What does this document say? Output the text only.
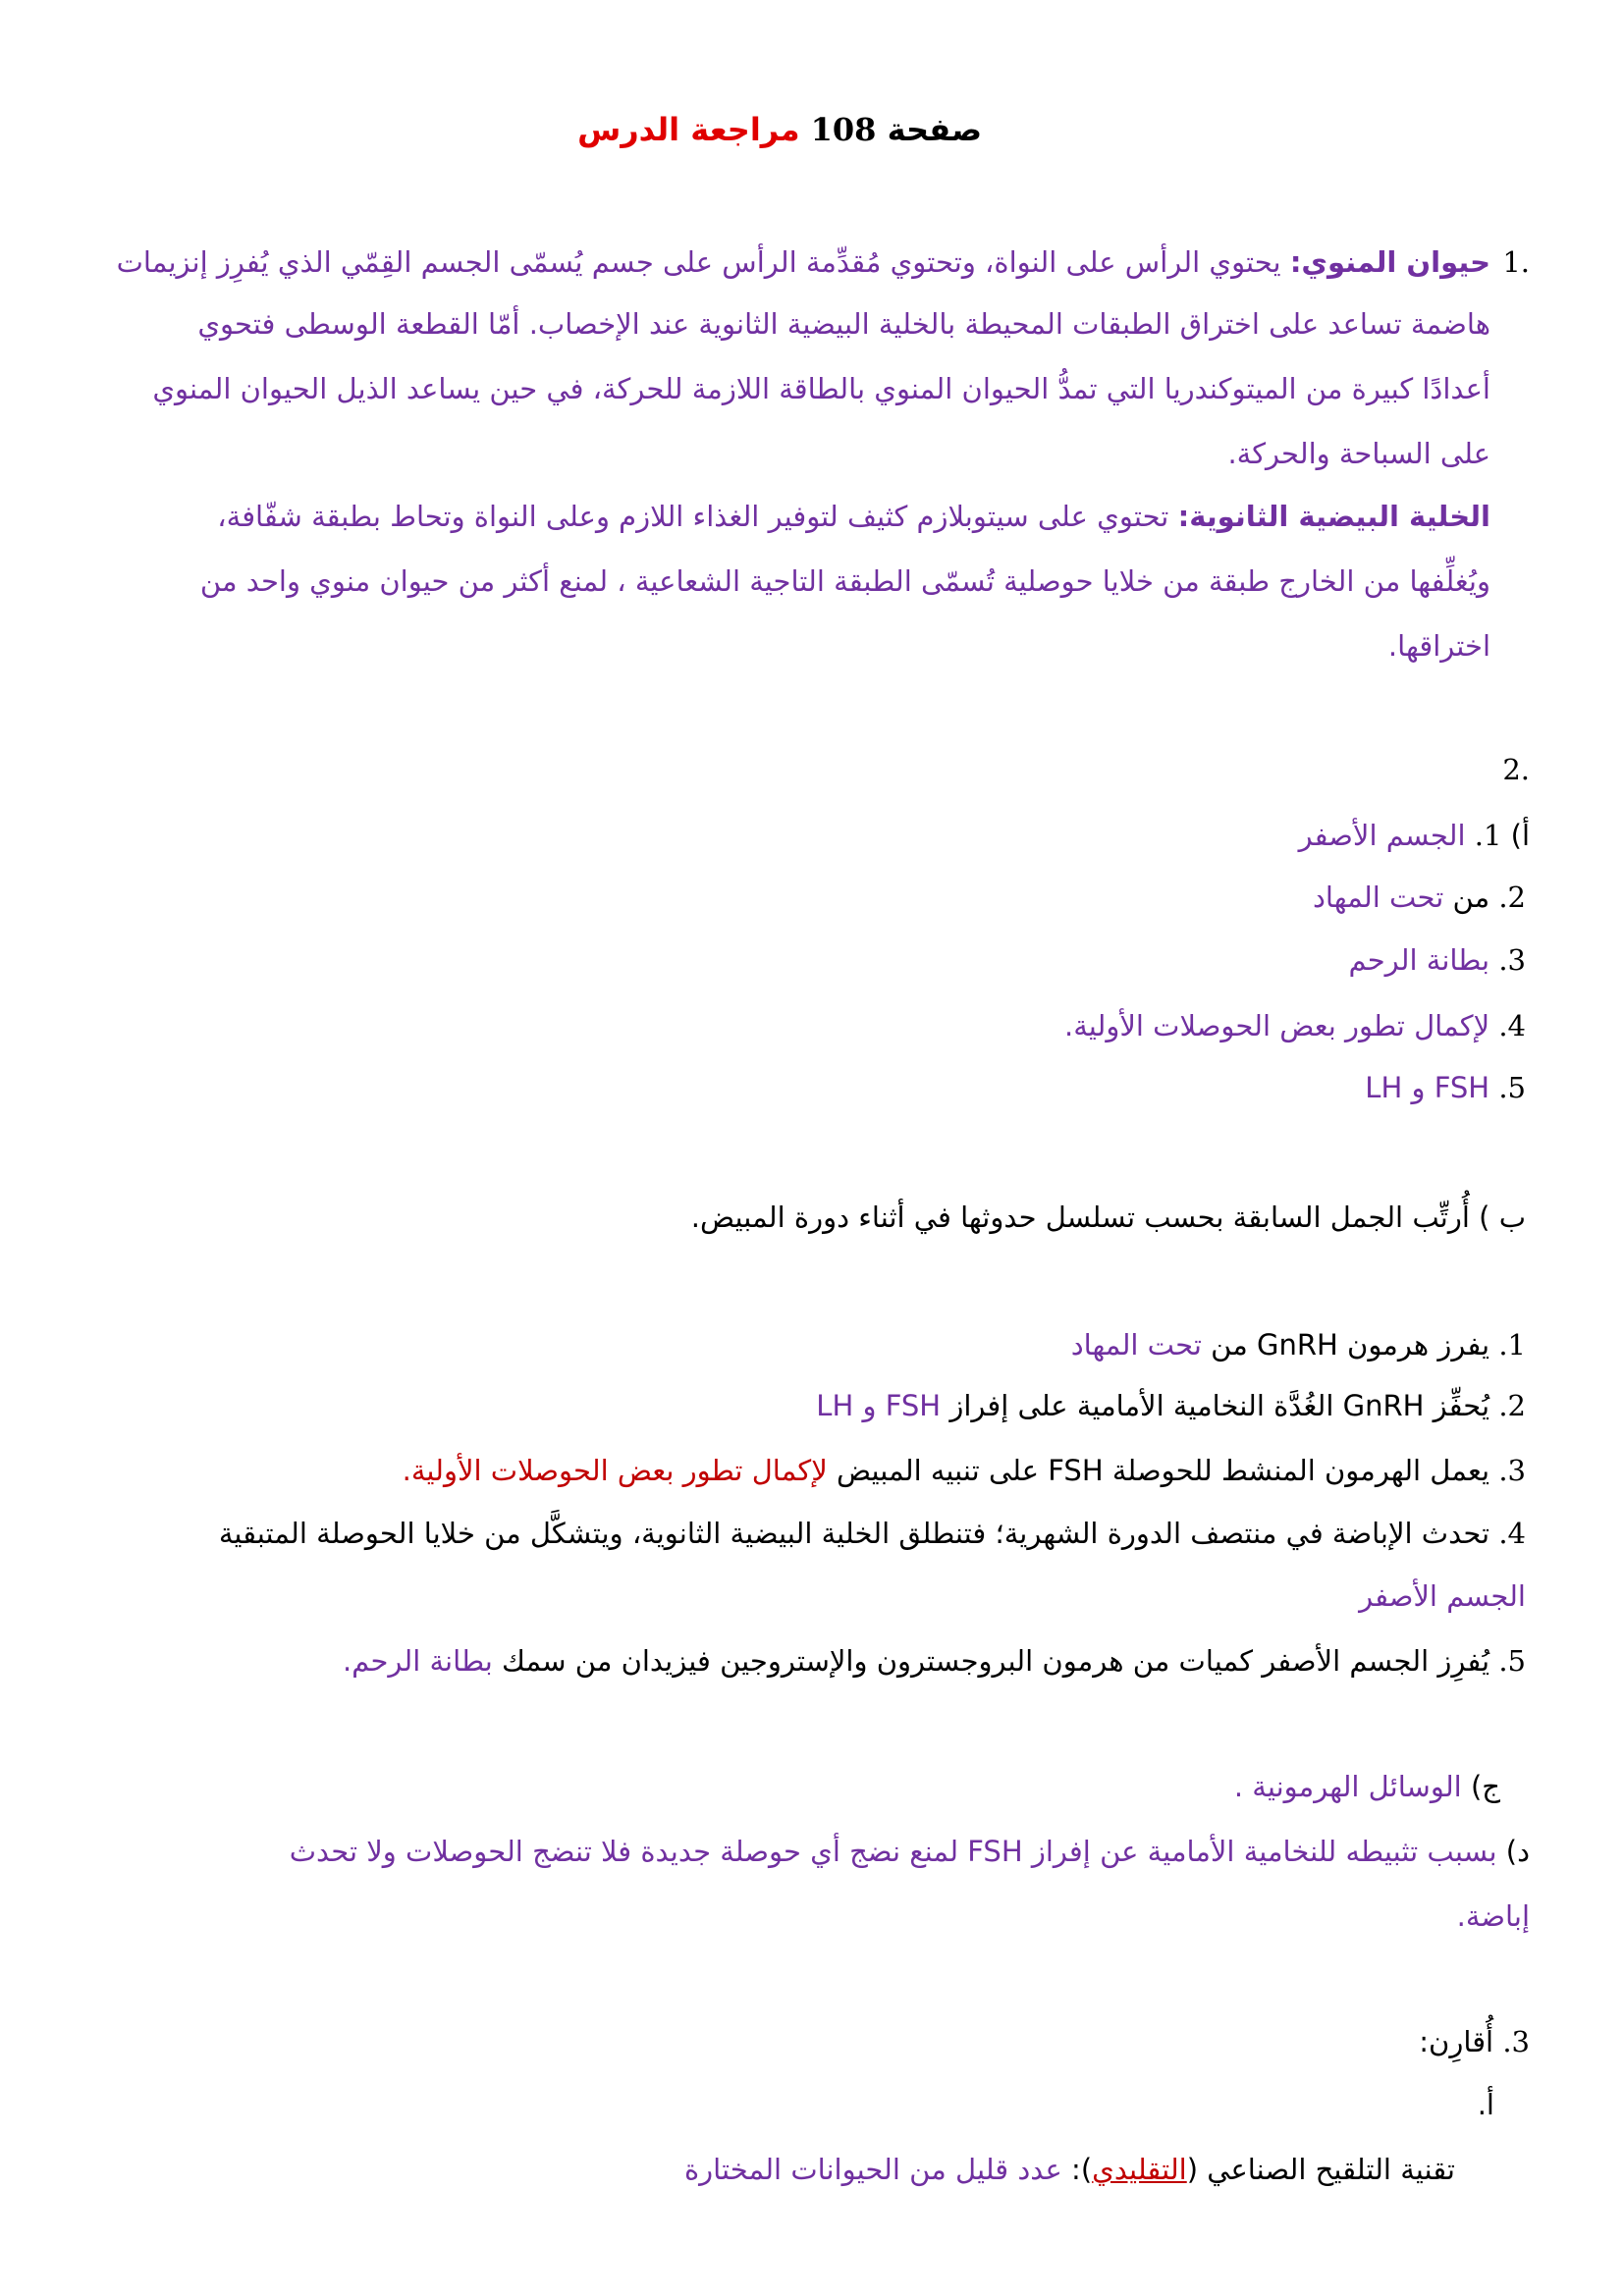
صفحة 108 مراجعة الدرس
1.
حيوان المنوي: يحتوي الرأس على النواة، وتحتوي مُقدِّمة الرأس على جسم يُسمّى الجسم القِمّي الذي يُفرِز إنزيمات
هاضمة تساعد على اختراق الطبقات المحيطة بالخلية البيضية الثانوية عند الإخصاب. أمّا القطعة الوسطى فتحوي
أعدادًا كبيرة من الميتوكندريا التي تمدُّ الحيوان المنوي بالطاقة اللازمة للحركة، في حين يساعد الذيل الحيوان المنوي
على السباحة والحركة.
الخلية البيضية الثانوية: تحتوي على سيتوبلازم كثيف لتوفير الغذاء اللازم وعلى النواة وتحاط بطبقة شفّافة،
ويُغلِّفها من الخارج طبقة من خلايا حوصلية تُسمّى الطبقة التاجية الشعاعية ، لمنع أكثر من حيوان منوي واحد من
اختراقها.
.2
أ) 1. الجسم الأصفر
2. من تحت المهاد
3. بطانة الرحم
4. لإكمال تطور بعض الحوصلات الأولية.
5. FSH و LH
ب ) أُرتِّب الجمل السابقة بحسب تسلسل حدوثها في أثناء دورة المبيض.
1. يفرز هرمون GnRH من تحت المهاد
2. يُحفِّز GnRH الغُدَّة النخامية الأمامية على إفراز FSH و LH
3. يعمل الهرمون المنشط للحوصلة FSH على تنبيه المبيض لإكمال تطور بعض الحوصلات الأولية.
4. تحدث الإباضة في منتصف الدورة الشهرية؛ فتنطلق الخلية البيضية الثانوية، ويتشكَّل من خلايا الحوصلة المتبقية
الجسم الأصفر
5. يُفرِز الجسم الأصفر كميات من هرمون البروجسترون والإستروجين فيزيدان من سمك بطانة الرحم.
ج) الوسائل الهرمونية .
د) بسبب تثبيطه للنخامية الأمامية عن إفراز FSH لمنع نضج أي حوصلة جديدة فلا تنضج الحوصلات ولا تحدث
إباضة.
3. أُقارِن:
أ.
تقنية التلقيح الصناعي (التقليدي): عدد قليل من الحيوانات المختارة
